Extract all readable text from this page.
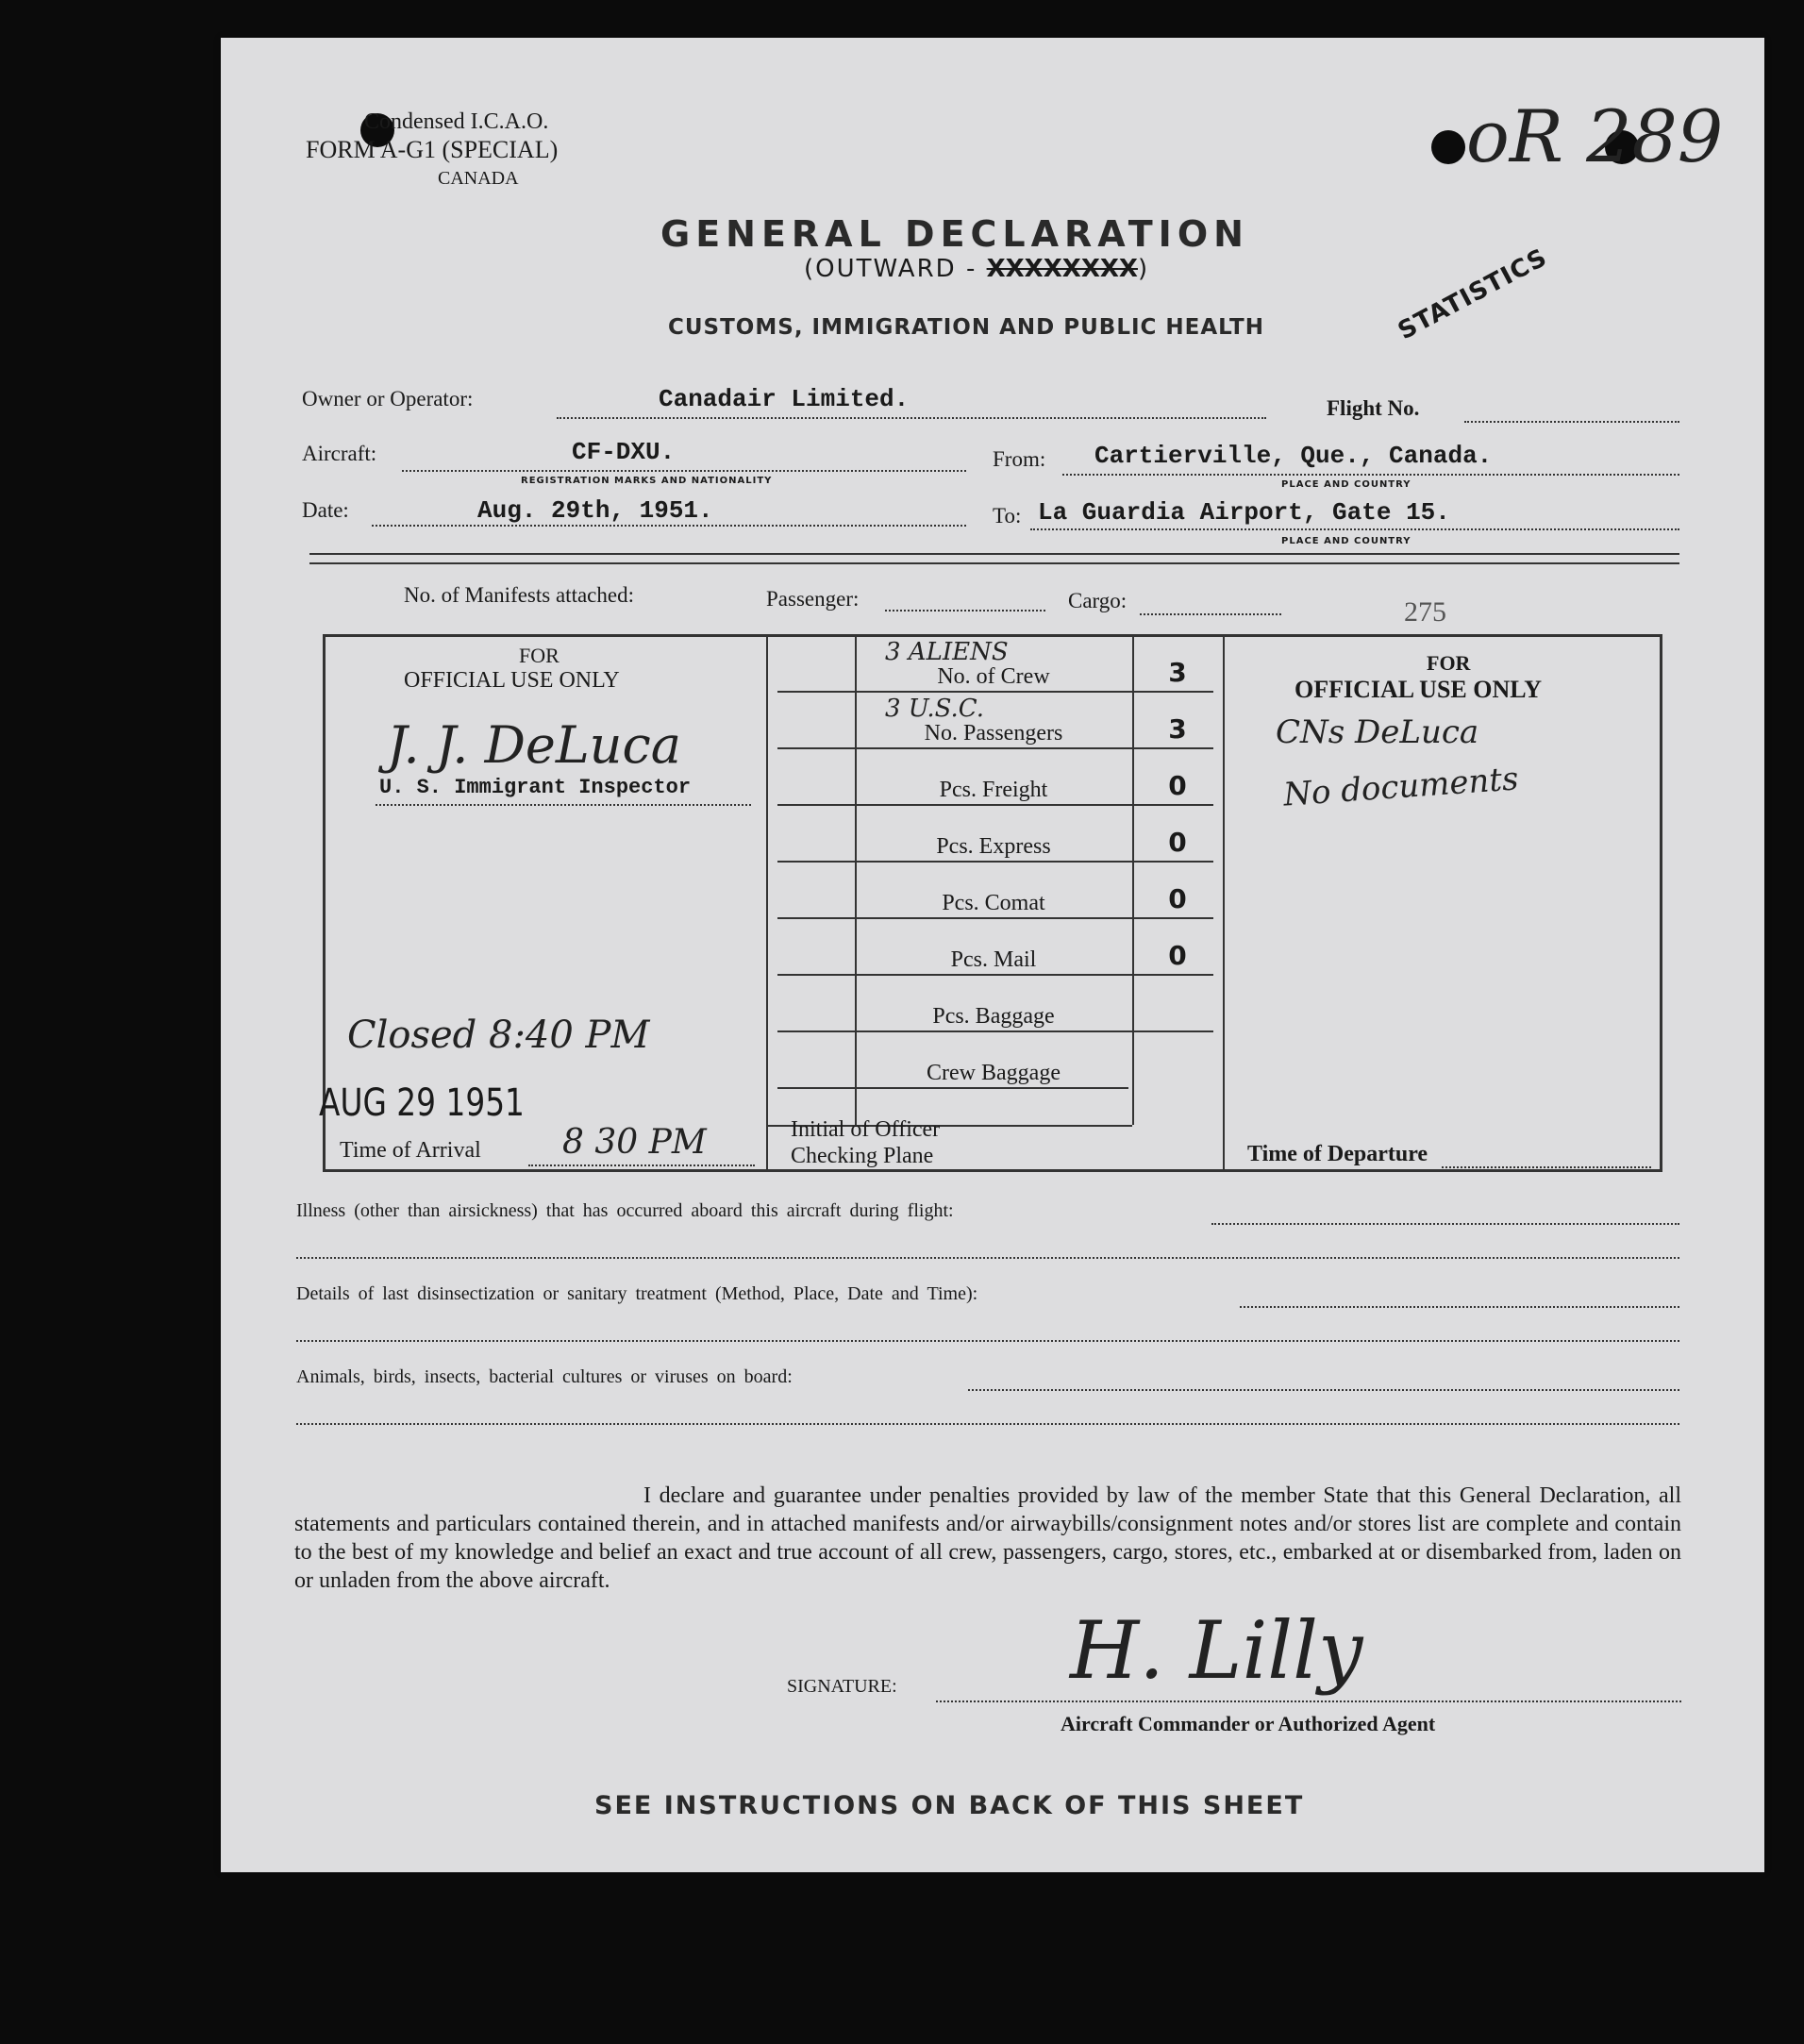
Condensed I.C.A.O.
FORM A-G1 (SPECIAL)
CANADA	oR 289
GENERAL DECLARATION
(OUTWARD - XXXXXXXX)
CUSTOMS, IMMIGRATION AND PUBLIC HEALTH	STATISTICS
Owner or Operator:	Canadair Limited.	Flight No.
Aircraft:	CF-DXU.
REGISTRATION MARKS AND NATIONALITY
From: Cartierville, Que., Canada.
PLACE AND COUNTRY
Date:	Aug. 29th, 1951.	To: La Guardia Airport, Gate 15.
PLACE AND COUNTRY
No. of Manifests attached:	Passenger:	Cargo:	275
FOR
OFFICIAL USE ONLY
J. J. DeLuca
U. S. Immigrant Inspector
Closed 8:40 PM
AUG 29 1951
Time of Arrival 8 30 PM	Initial of Officer
Checking Plane
FOR
OFFICIAL USE ONLY
CNs DeLuca
No documents
Time of Departure
Illness (other than airsickness) that has occurred aboard this aircraft during flight:
Details of last disinsectization or sanitary treatment (Method, Place, Date and Time):
Animals, birds, insects, bacterial cultures or viruses on board:
I declare and guarantee under penalties provided by law of the member State that this General Declaration, all statements and particulars contained therein, and in attached manifests and/or airwaybills/consignment notes and/or stores list are complete and contain to the best of my knowledge and belief an exact and true account of all crew, passengers, cargo, stores, etc., embarked at or disembarked from, laden on or unladen from the above aircraft.
SIGNATURE: H. Lilly
Aircraft Commander or Authorized Agent
SEE INSTRUCTIONS ON BACK OF THIS SHEET
3 ALIENS
No. of Crew	3
3 U.S.C.
No. Passengers	3
Pcs. Freight	0
Pcs. Express	0
Pcs. Comat	0
Pcs. Mail	0
Pcs. Baggage
Crew Baggage
